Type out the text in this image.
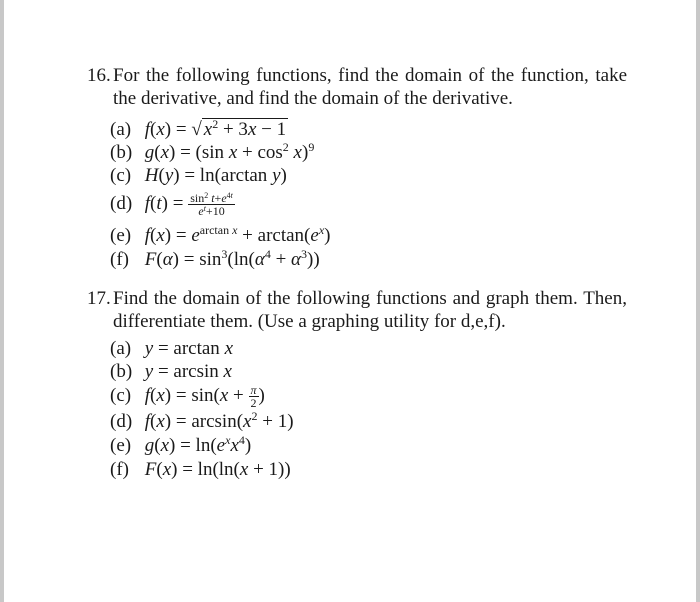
16. For the following functions, find the domain of the function, take the derivative, and find the domain of the derivative.
(a) f(x) = √ $x^2 + 3x - 1$
(b) g(x) = (sin $x + \cos^2 x)^9$
(c) H(y) = ln(arctan y)
(d) $f(t) = \frac{\sin^2 t+e^{4t}}{e^t+10}$
(e) $f(x) = e^{arctan x} + \arctan(e^x)$
(f) $F(\alpha) = \sin^3(\ln(\alpha^4 + \alpha^3))$
17. Find the domain of the following functions and graph them. Then, differentiate them. (Use a graphing utility for d,e,f).
(a) y = arctan x
(b) y = arcsin x
(c) $f(x) = \sin(x + \frac{\pi}{2}$ )
(d) $f(x) = \arcsin(x^2 + 1)$
(e) $g(x) = \ln(e^xx^4)$
(f) F(x) = ln(ln(x + 1))
